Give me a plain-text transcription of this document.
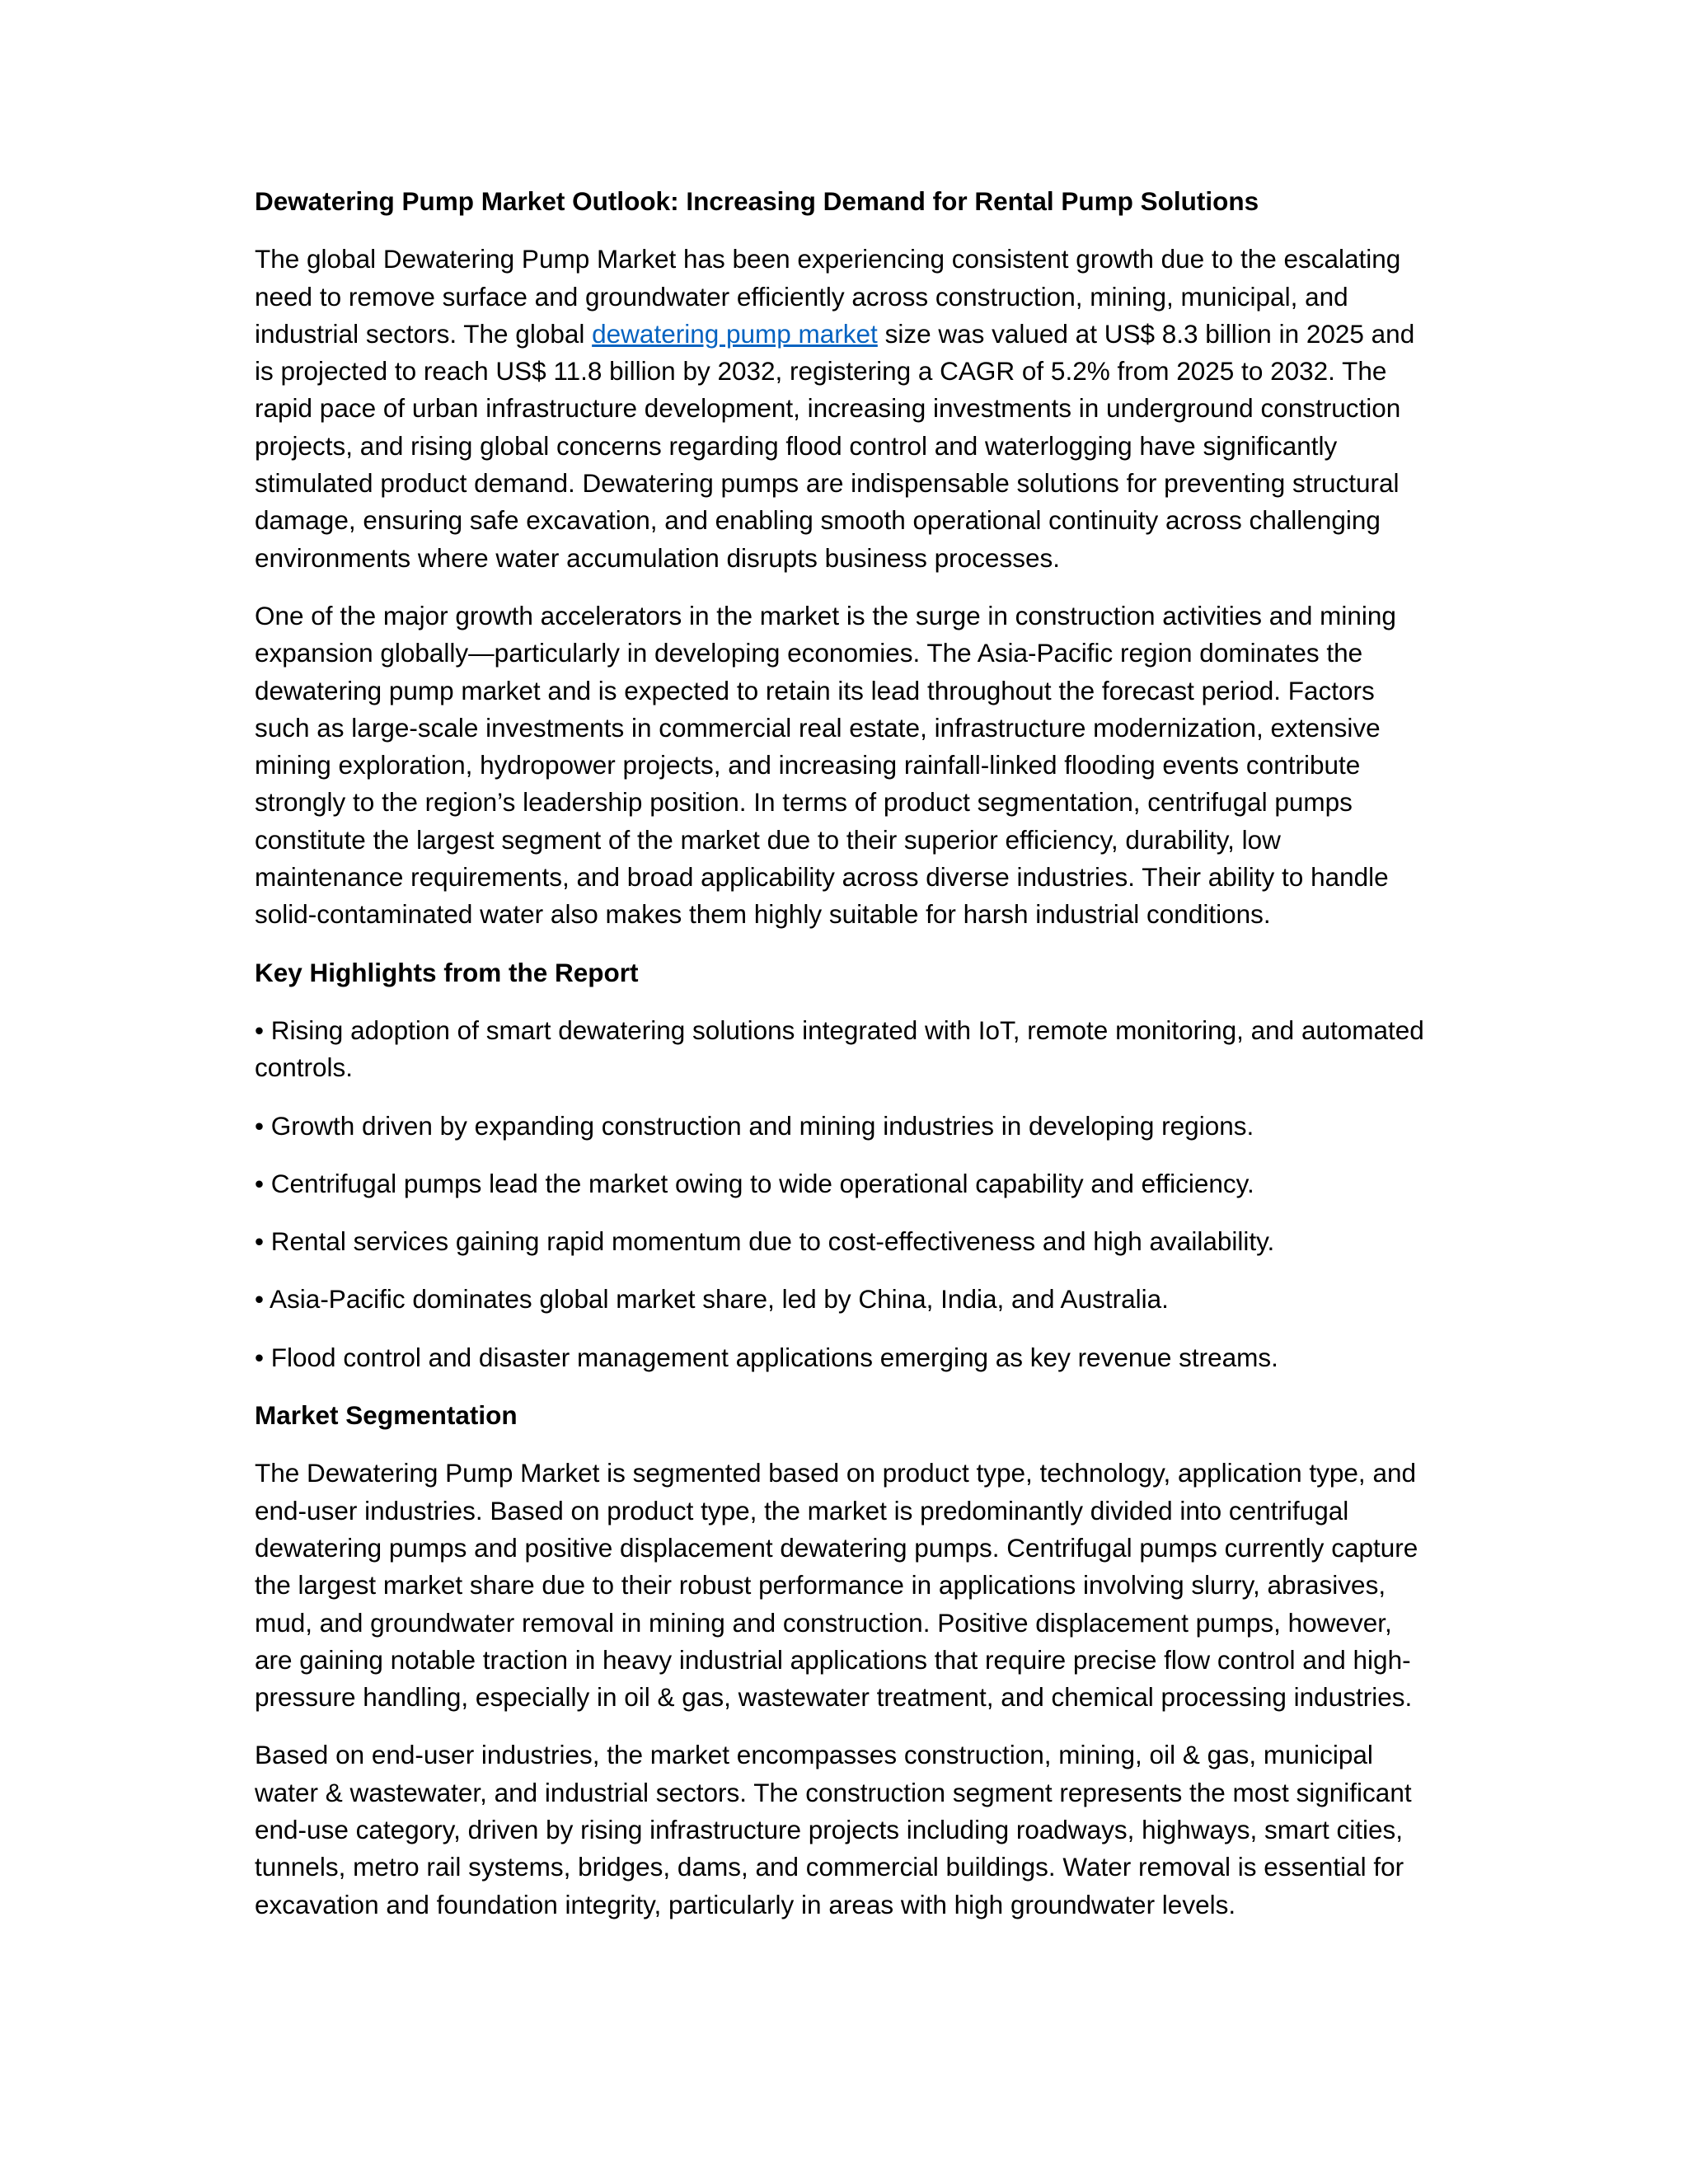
Dewatering Pump Market Outlook: Increasing Demand for Rental Pump Solutions

The global Dewatering Pump Market has been experiencing consistent growth due to the escalating need to remove surface and groundwater efficiently across construction, mining, municipal, and industrial sectors. The global dewatering pump market size was valued at US$ 8.3 billion in 2025 and is projected to reach US$ 11.8 billion by 2032, registering a CAGR of 5.2% from 2025 to 2032. The rapid pace of urban infrastructure development, increasing investments in underground construction projects, and rising global concerns regarding flood control and waterlogging have significantly stimulated product demand. Dewatering pumps are indispensable solutions for preventing structural damage, ensuring safe excavation, and enabling smooth operational continuity across challenging environments where water accumulation disrupts business processes.

One of the major growth accelerators in the market is the surge in construction activities and mining expansion globally—particularly in developing economies. The Asia-Pacific region dominates the dewatering pump market and is expected to retain its lead throughout the forecast period. Factors such as large-scale investments in commercial real estate, infrastructure modernization, extensive mining exploration, hydropower projects, and increasing rainfall-linked flooding events contribute strongly to the region’s leadership position. In terms of product segmentation, centrifugal pumps constitute the largest segment of the market due to their superior efficiency, durability, low maintenance requirements, and broad applicability across diverse industries. Their ability to handle solid-contaminated water also makes them highly suitable for harsh industrial conditions.

Key Highlights from the Report

• Rising adoption of smart dewatering solutions integrated with IoT, remote monitoring, and automated controls.

• Growth driven by expanding construction and mining industries in developing regions.

• Centrifugal pumps lead the market owing to wide operational capability and efficiency.

• Rental services gaining rapid momentum due to cost-effectiveness and high availability.

• Asia-Pacific dominates global market share, led by China, India, and Australia.

• Flood control and disaster management applications emerging as key revenue streams.

Market Segmentation

The Dewatering Pump Market is segmented based on product type, technology, application type, and end-user industries. Based on product type, the market is predominantly divided into centrifugal dewatering pumps and positive displacement dewatering pumps. Centrifugal pumps currently capture the largest market share due to their robust performance in applications involving slurry, abrasives, mud, and groundwater removal in mining and construction. Positive displacement pumps, however, are gaining notable traction in heavy industrial applications that require precise flow control and high-pressure handling, especially in oil & gas, wastewater treatment, and chemical processing industries.

Based on end-user industries, the market encompasses construction, mining, oil & gas, municipal water & wastewater, and industrial sectors. The construction segment represents the most significant end-use category, driven by rising infrastructure projects including roadways, highways, smart cities, tunnels, metro rail systems, bridges, dams, and commercial buildings. Water removal is essential for excavation and foundation integrity, particularly in areas with high groundwater levels.
